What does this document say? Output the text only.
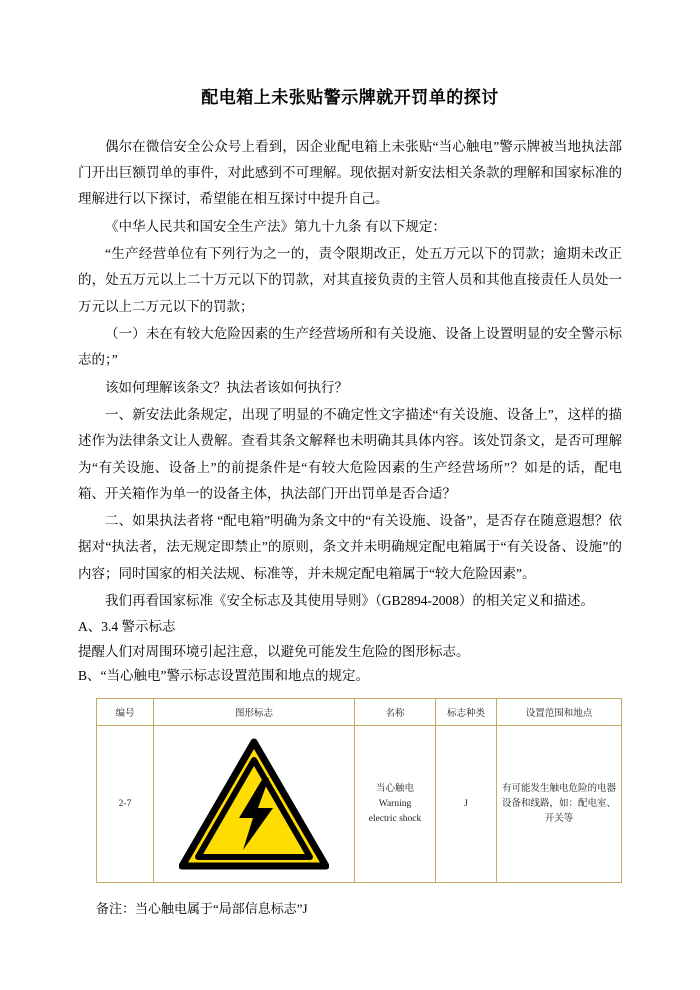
配电箱上未张贴警示牌就开罚单的探讨

偶尔在微信安全公众号上看到，因企业配电箱上未张贴“当心触电”警示牌被当地执法部门开出巨额罚单的事件，对此感到不可理解。现依据对新安法相关条款的理解和国家标准的理解进行以下探讨，希望能在相互探讨中提升自己。

《中华人民共和国安全生产法》第九十九条 有以下规定：

“生产经营单位有下列行为之一的，责令限期改正，处五万元以下的罚款；逾期未改正的，处五万元以上二十万元以下的罚款，对其直接负责的主管人员和其他直接责任人员处一万元以上二万元以下的罚款；

（一）未在有较大危险因素的生产经营场所和有关设施、设备上设置明显的安全警示标志的；”

该如何理解该条文？执法者该如何执行？

一、新安法此条规定，出现了明显的不确定性文字描述“有关设施、设备上”，这样的描述作为法律条文让人费解。查看其条文解释也未明确其具体内容。该处罚条文，是否可理解为“有关设施、设备上”的前提条件是“有较大危险因素的生产经营场所”？如是的话，配电箱、开关箱作为单一的设备主体，执法部门开出罚单是否合适？

二、如果执法者将 “配电箱”明确为条文中的“有关设施、设备”，是否存在随意遐想？依据对“执法者，法无规定即禁止”的原则，条文并未明确规定配电箱属于“有关设备、设施”的内容；同时国家的相关法规、标准等，并未规定配电箱属于“较大危险因素”。

我们再看国家标准《安全标志及其使用导则》（GB2894-2008）的相关定义和描述。

A、3.4 警示标志

提醒人们对周围环境引起注意，以避免可能发生危险的图形标志。

B、“当心触电”警示标志设置范围和地点的规定。

编号	图形标志	名称	标志种类	设置范围和地点
2-7		当心触电
Warning
electric shock	J	有可能发生触电危险的电器设备和线路，如：配电室、开关等

备注：当心触电属于“局部信息标志”J
